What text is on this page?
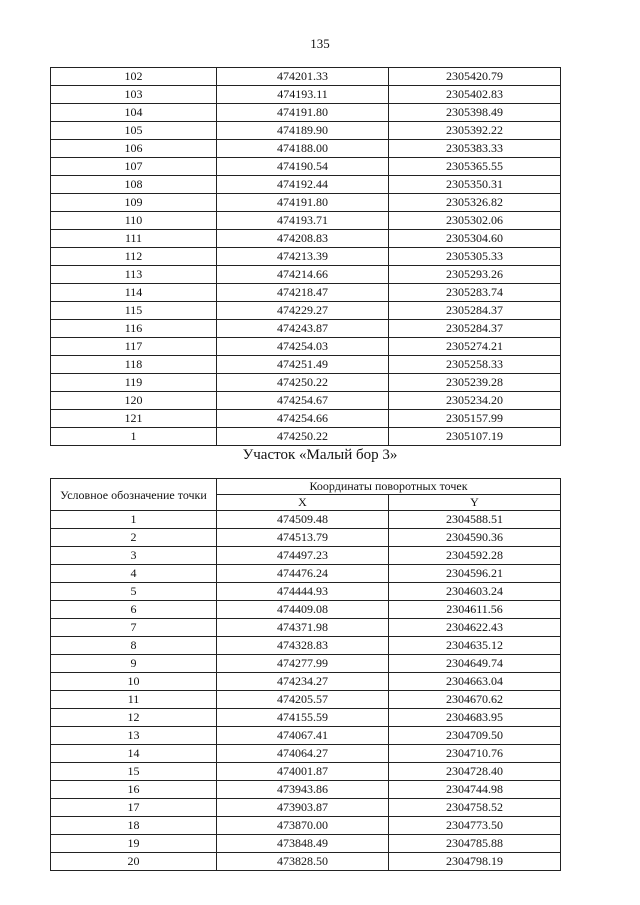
135
102	474201.33	2305420.79
103	474193.11	2305402.83
104	474191.80	2305398.49
105	474189.90	2305392.22
106	474188.00	2305383.33
107	474190.54	2305365.55
108	474192.44	2305350.31
109	474191.80	2305326.82
110	474193.71	2305302.06
111	474208.83	2305304.60
112	474213.39	2305305.33
113	474214.66	2305293.26
114	474218.47	2305283.74
115	474229.27	2305284.37
116	474243.87	2305284.37
117	474254.03	2305274.21
118	474251.49	2305258.33
119	474250.22	2305239.28
120	474254.67	2305234.20
121	474254.66	2305157.99
1	474250.22	2305107.19
Участок «Малый бор 3»
Условное обозначение точки	Координаты поворотных точек	
	X	Y
1	474509.48	2304588.51
2	474513.79	2304590.36
3	474497.23	2304592.28
4	474476.24	2304596.21
5	474444.93	2304603.24
6	474409.08	2304611.56
7	474371.98	2304622.43
8	474328.83	2304635.12
9	474277.99	2304649.74
10	474234.27	2304663.04
11	474205.57	2304670.62
12	474155.59	2304683.95
13	474067.41	2304709.50
14	474064.27	2304710.76
15	474001.87	2304728.40
16	473943.86	2304744.98
17	473903.87	2304758.52
18	473870.00	2304773.50
19	473848.49	2304785.88
20	473828.50	2304798.19
